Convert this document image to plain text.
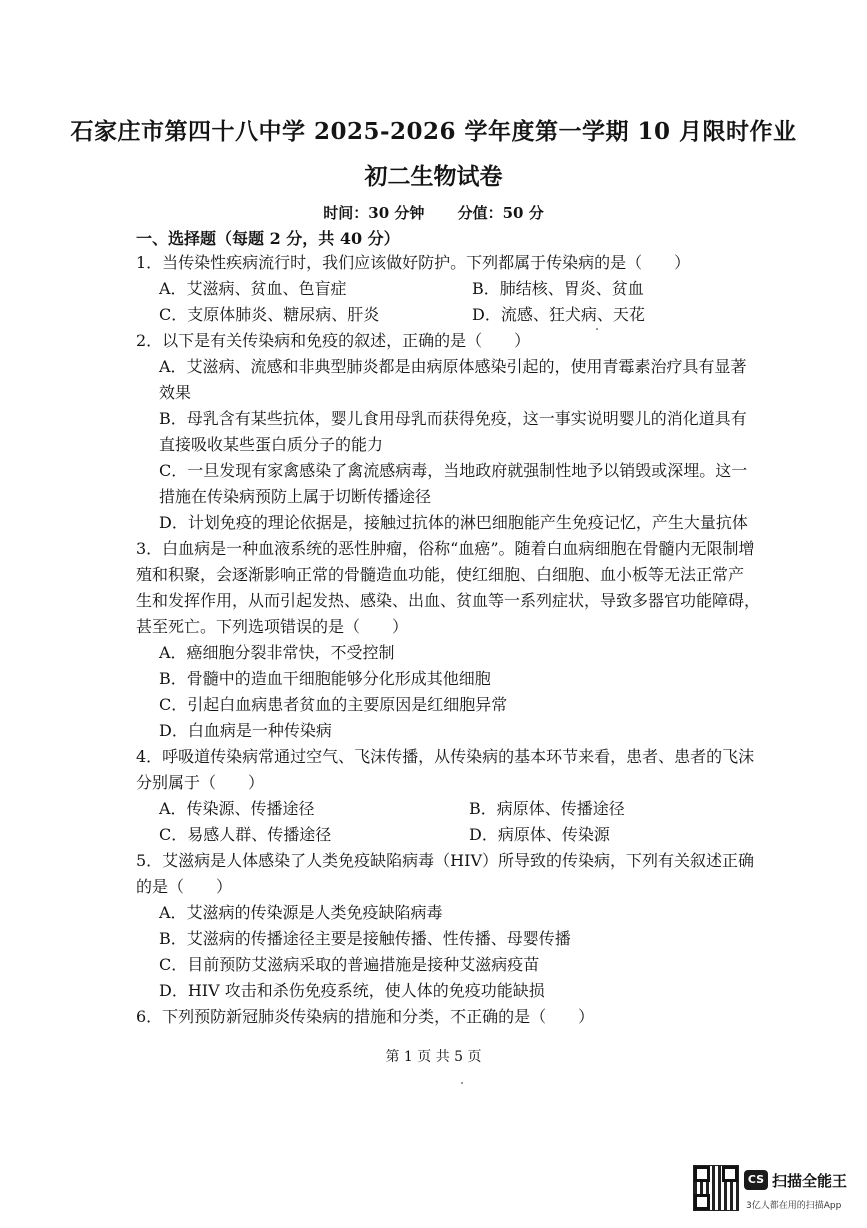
石家庄市第四十八中学 2025-2026 学年度第一学期 10 月限时作业
初二生物试卷
时间：30 分钟 分值：50 分
一、选择题（每题 2 分，共 40 分）
1．当传染性疾病流行时，我们应该做好防护。下列都属于传染病的是（　　）
A．艾滋病、贫血、色盲症	B．肺结核、胃炎、贫血
C．支原体肺炎、糖尿病、肝炎	D．流感、狂犬病、天花
2．以下是有关传染病和免疫的叙述，正确的是（　　）
A．艾滋病、流感和非典型肺炎都是由病原体感染引起的，使用青霉素治疗具有显著
效果
B．母乳含有某些抗体，婴儿食用母乳而获得免疫，这一事实说明婴儿的消化道具有
直接吸收某些蛋白质分子的能力
C．一旦发现有家禽感染了禽流感病毒，当地政府就强制性地予以销毁或深埋。这一
措施在传染病预防上属于切断传播途径
D．计划免疫的理论依据是，接触过抗体的淋巴细胞能产生免疫记忆，产生大量抗体
3．白血病是一种血液系统的恶性肿瘤，俗称“血癌”。随着白血病细胞在骨髓内无限制增
殖和积聚，会逐渐影响正常的骨髓造血功能，使红细胞、白细胞、血小板等无法正常产
生和发挥作用，从而引起发热、感染、出血、贫血等一系列症状，导致多器官功能障碍，
甚至死亡。下列选项错误的是（　　）
A．癌细胞分裂非常快，不受控制
B．骨髓中的造血干细胞能够分化形成其他细胞
C．引起白血病患者贫血的主要原因是红细胞异常
D．白血病是一种传染病
4．呼吸道传染病常通过空气、飞沫传播，从传染病的基本环节来看，患者、患者的飞沫
分别属于（　　）
A．传染源、传播途径	B．病原体、传播途径
C．易感人群、传播途径	D．病原体、传染源
5．艾滋病是人体感染了人类免疫缺陷病毒（HIV）所导致的传染病，下列有关叙述正确
的是（　　）
A．艾滋病的传染源是人类免疫缺陷病毒
B．艾滋病的传播途径主要是接触传播、性传播、母婴传播
C．目前预防艾滋病采取的普遍措施是接种艾滋病疫苗
D．HIV 攻击和杀伤免疫系统，使人体的免疫功能缺损
6．下列预防新冠肺炎传染病的措施和分类，不正确的是（　　）
第 1 页 共 5 页
CS 扫描全能王
3亿人都在用的扫描App
